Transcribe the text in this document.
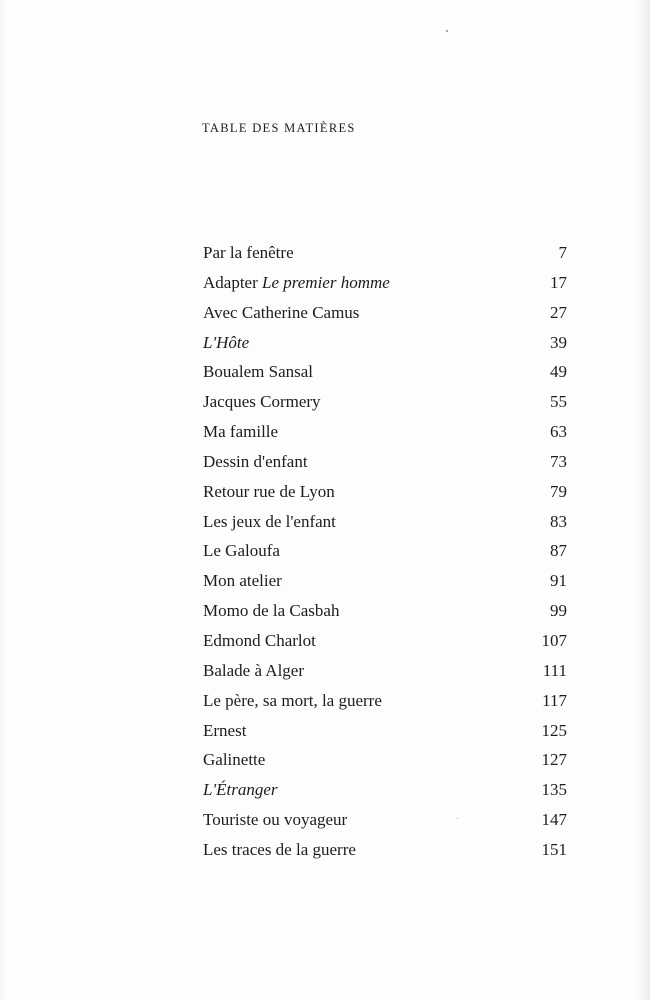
TABLE DES MATIÈRES
Par la fenêtre	7
Adapter Le premier homme	17
Avec Catherine Camus	27
L'Hôte	39
Boualem Sansal	49
Jacques Cormery	55
Ma famille	63
Dessin d'enfant	73
Retour rue de Lyon	79
Les jeux de l'enfant	83
Le Galoufa	87
Mon atelier	91
Momo de la Casbah	99
Edmond Charlot	107
Balade à Alger	111
Le père, sa mort, la guerre	117
Ernest	125
Galinette	127
L'Étranger	135
Touriste ou voyageur	147
Les traces de la guerre	151
